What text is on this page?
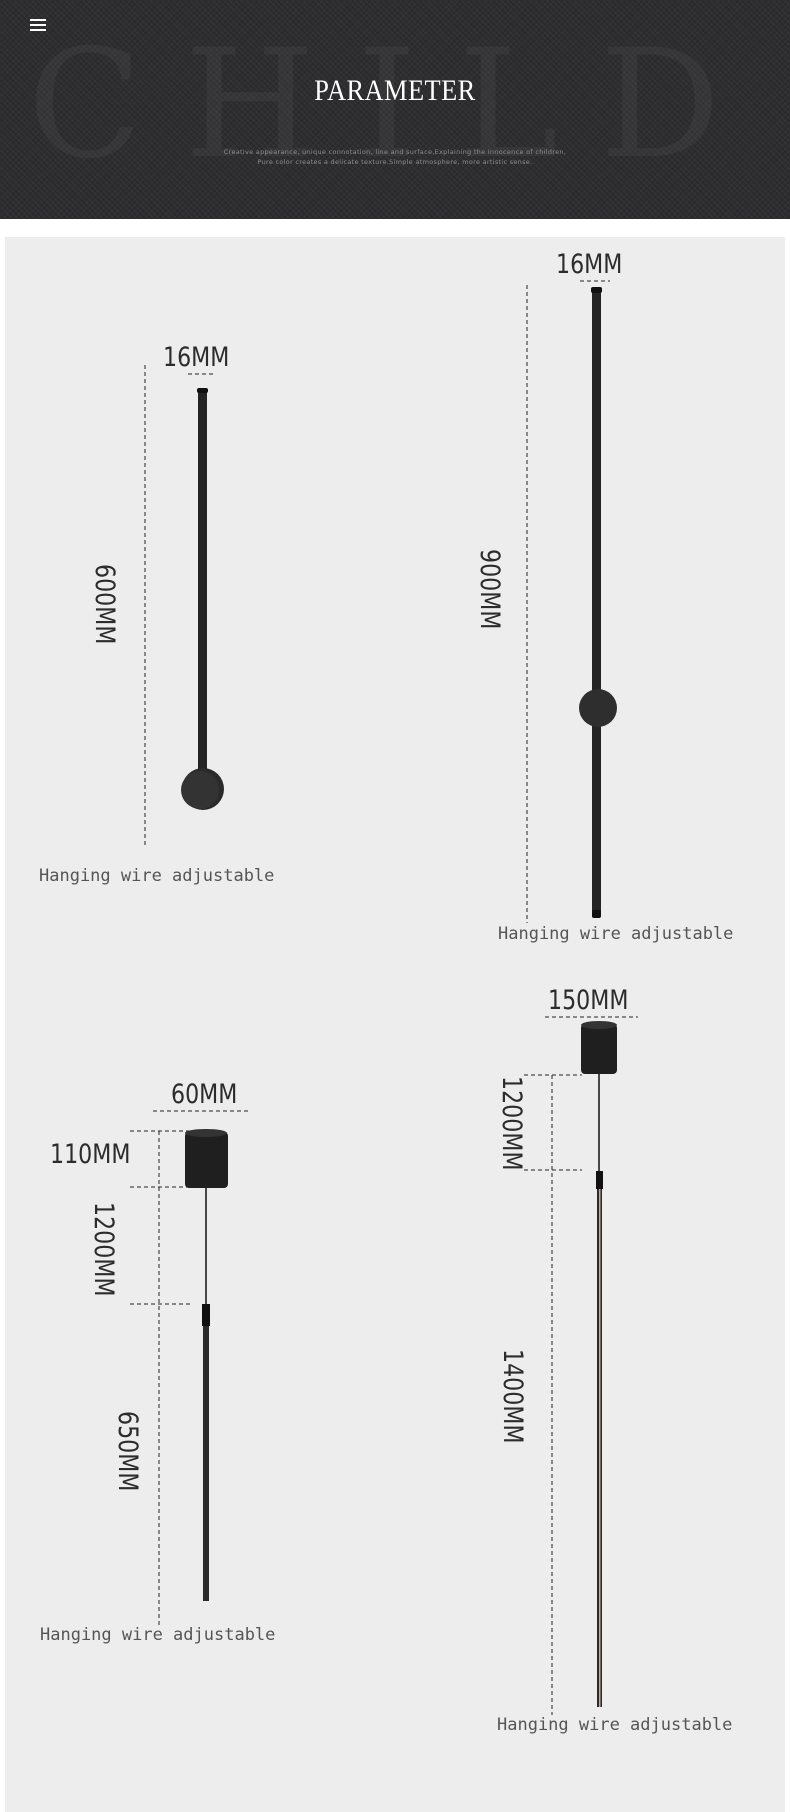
PARAMETER
Creative appearance, unique connotation, line and surface,Explaining the innocence of children,
Pure color creates a delicate texture.Simple atmosphere, more artistic sense.
16MM
600MM
Hanging wire adjustable
16MM
900MM
Hanging wire adjustable
60MM
110MM
1200MM
650MM
Hanging wire adjustable
150MM
1200MM
1400MM
Hanging wire adjustable
